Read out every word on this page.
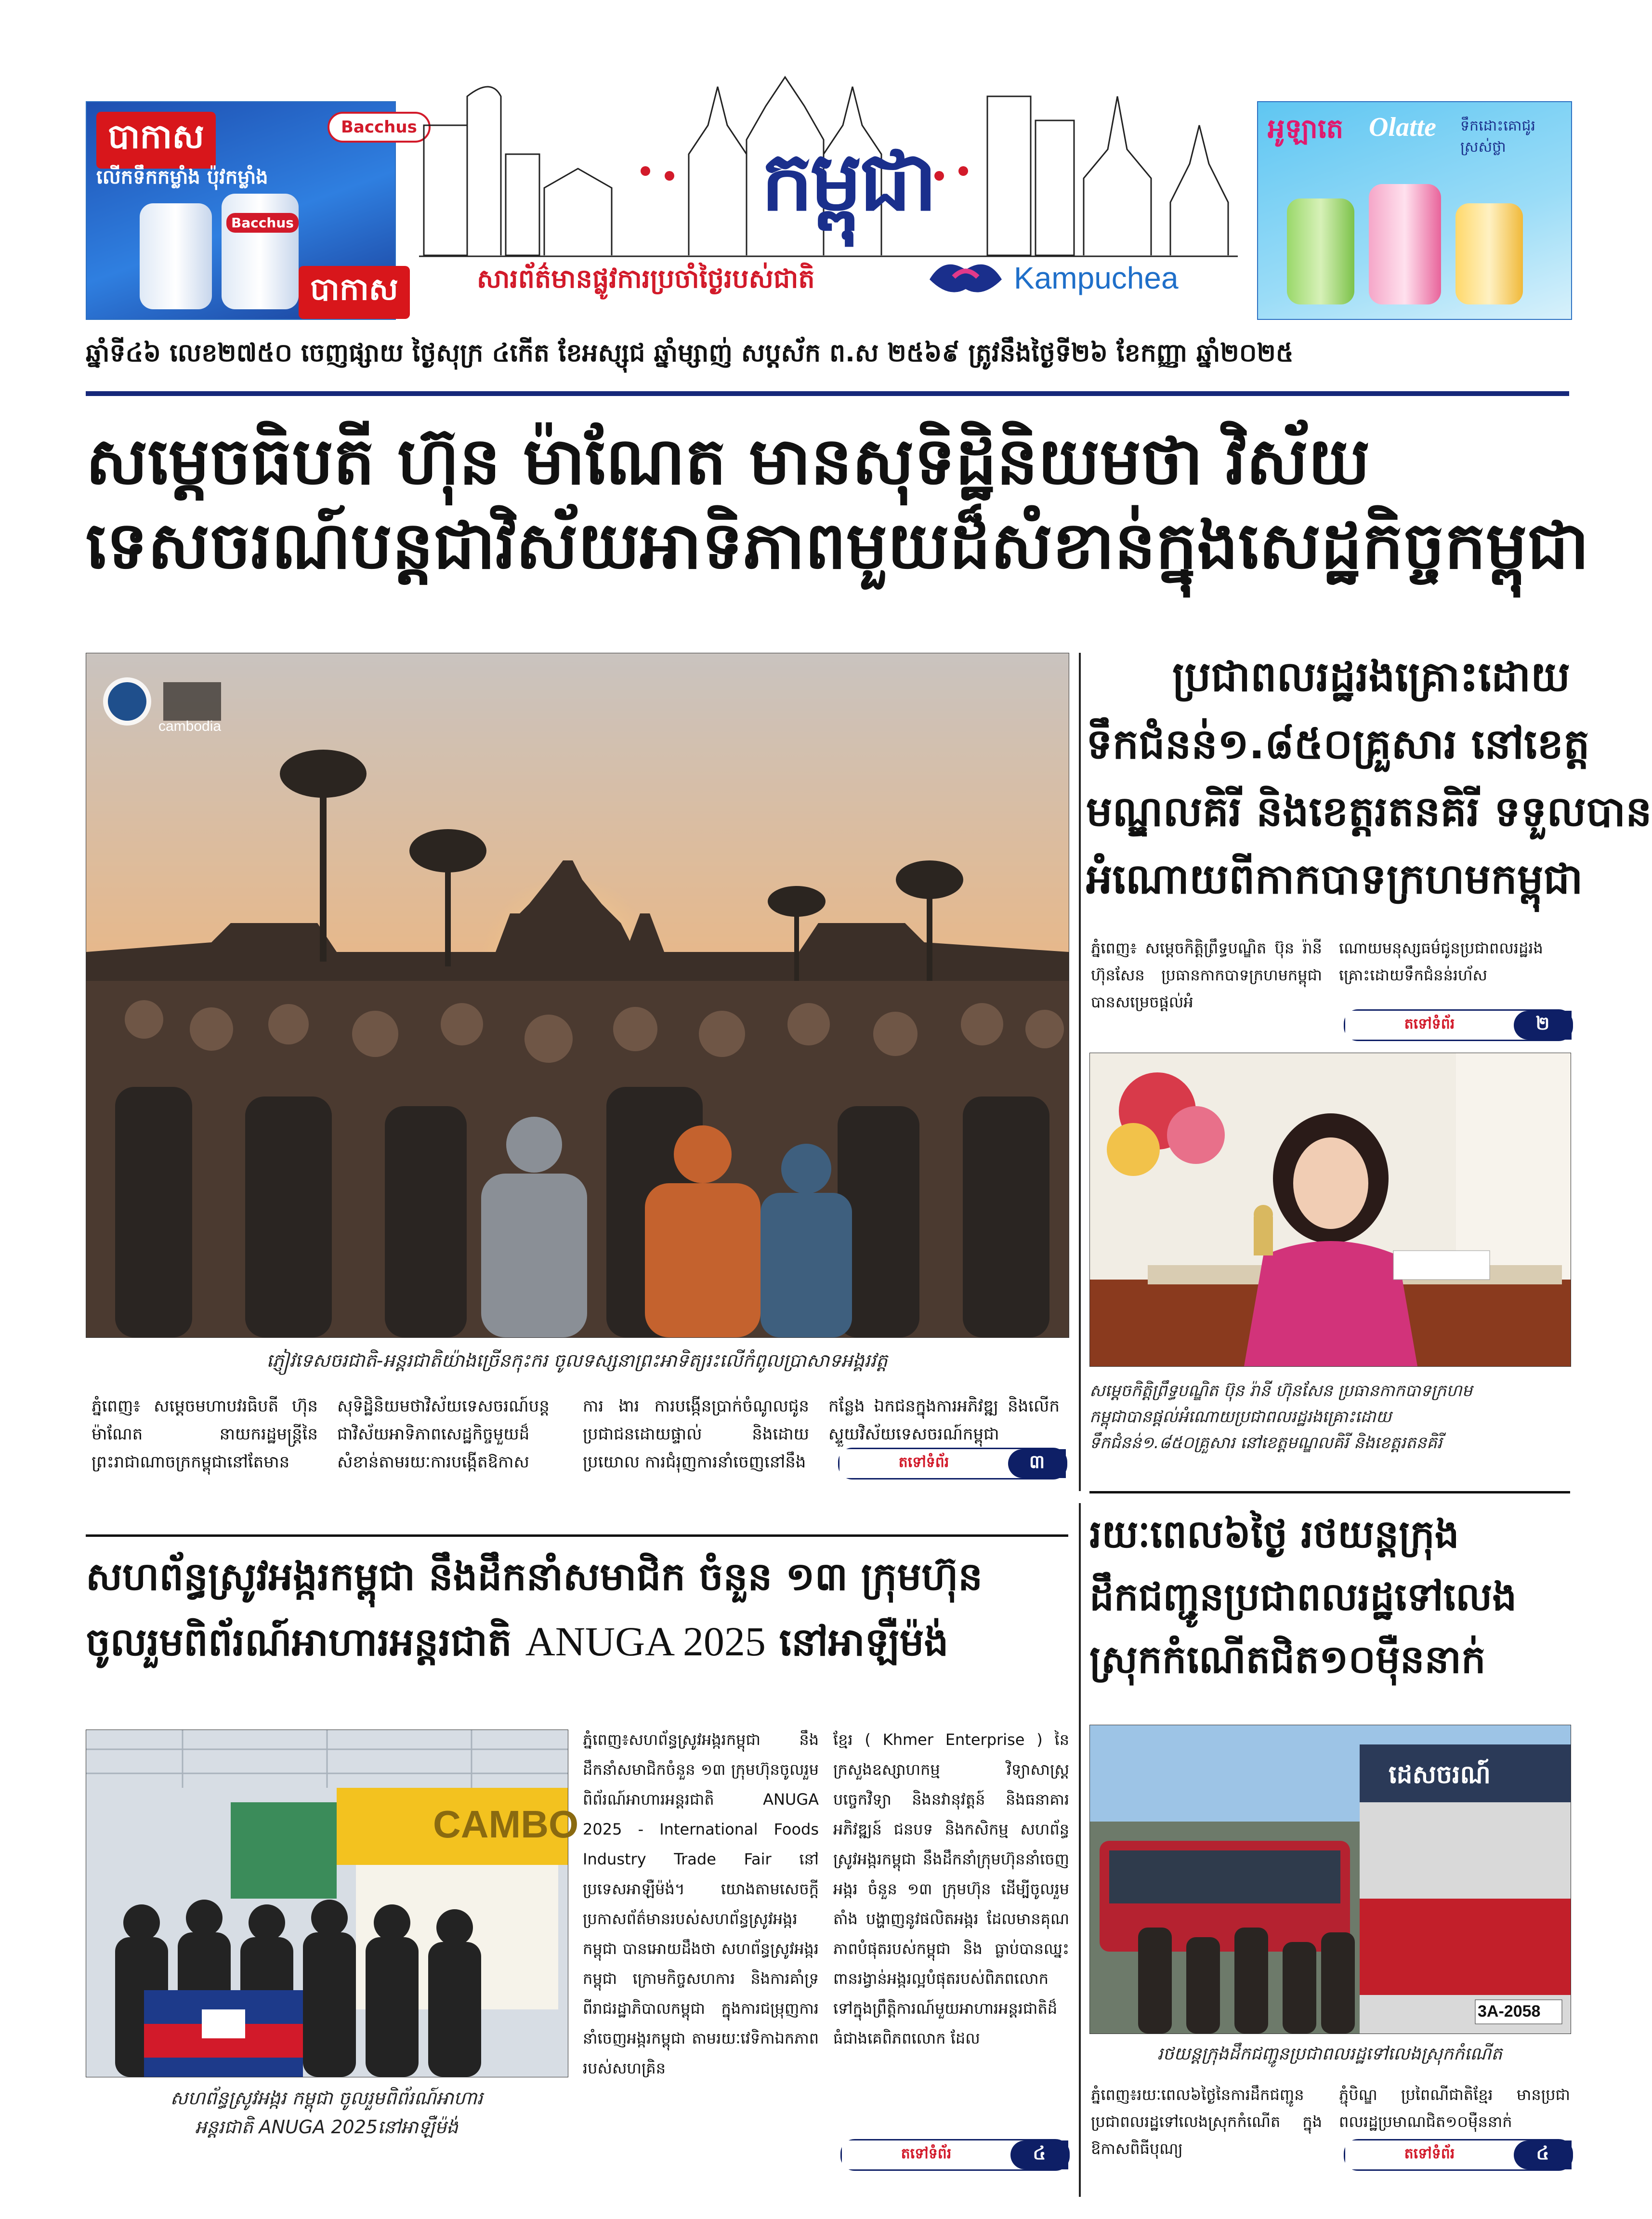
បាកាស
លើកទឹកកម្លាំង ប៉ុវកម្លាំង
Bacchus
Bacchus
បាកាស
កម្ពុជា
សារព័ត៌មានផ្លូវការប្រចាំថ្ងៃរបស់ជាតិ	Kampuchea
អូឡាតេ Olatte ទឹកដោះគោជូរ ស្រស់ថ្លា
ឆ្នាំទី៤៦ លេខ២៧៥០ ចេញផ្សាយ ថ្ងៃសុក្រ ៤កើត ខែអស្សុជ ឆ្នាំម្សាញ់ សប្តស័ក ព.ស ២៥៦៩ ត្រូវនឹងថ្ងៃទី២៦ ខែកញ្ញា ឆ្នាំ២០២៥
សម្តេចធិបតី ហ៊ុន ម៉ាណែត មានសុទិដ្ឋិនិយមថា វិស័យ
ទេសចរណ៍បន្តជាវិស័យអាទិភាពមួយដ៏សំខាន់ក្នុងសេដ្ឋកិច្ចកម្ពុជា
cambodia
ភ្ញៀវទេសចរជាតិ-អន្តរជាតិយ៉ាងច្រើនកុះករ ចូលទស្សនាព្រះអាទិត្យរះលើកំពូលប្រាសាទអង្គរវត្ត
ភ្នំពេញ៖ សម្តេចមហាបវរធិបតី ហ៊ុន ម៉ាណែត នាយករដ្ឋមន្ត្រីនៃព្រះរាជាណាចក្រកម្ពុជានៅតែមាន
សុទិដ្ឋិនិយមថាវិស័យទេសចរណ៍បន្តជាវិស័យអាទិភាពសេដ្ឋកិច្ចមួយដ៏សំខាន់តាមរយៈការបង្កើតឱកាស
ការ ងារ ការបង្កើនប្រាក់ចំណូលជូនប្រជាជនដោយផ្ទាល់ និងដោយប្រយោល ការជំរុញការនាំចេញនៅនឹង
កន្លែង ឯកជនក្នុងការអភិវឌ្ឍ និងលើកស្ទួយវិស័យទេសចរណ៍កម្ពុជា
តទៅទំព័រ	៣
ប្រជាពលរដ្ឋរងគ្រោះដោយ
ទឹកជំនន់១.៨៥០គ្រួសារ នៅខេត្ត
មណ្ឌលគិរី និងខេត្តរតនគិរី ទទួលបាន
អំណោយពីកាកបាទក្រហមកម្ពុជា
ភ្នំពេញ៖ សម្តេចកិត្តិព្រឹទ្ធបណ្ឌិត ប៊ុន រ៉ានី ហ៊ុនសែន ប្រធានកាកបាទក្រហមកម្ពុជា បានសម្រេចផ្តល់អំ
ណោយមនុស្សធម៌ជូនប្រជាពលរដ្ឋរងគ្រោះដោយទឹកជំនន់រហ័ស
តទៅទំព័រ	២
សម្តេចកិត្តិព្រឹទ្ធបណ្ឌិត ប៊ុន រ៉ានី ហ៊ុនសែន ប្រធានកាកបាទក្រហម
កម្ពុជាបានផ្តល់អំណោយប្រជាពលរដ្ឋរងគ្រោះដោយ
ទឹកជំនន់១.៨៥០គ្រួសារ នៅខេត្តមណ្ឌលគិរី និងខេត្តរតនគិរី
សហព័ន្ធស្រូវអង្ករកម្ពុជា នឹងដឹកនាំសមាជិក ចំនួន ១៣ ក្រុមហ៊ុន
ចូលរួមពិព័រណ៍អាហារអន្តរជាតិ ANUGA 2025 នៅអាឡឺម៉ង់
CAMBO
សហព័ន្ធស្រូវអង្ករ កម្ពុជា ចូលរួមពិព័រណ៍អាហារ
អន្តរជាតិ ANUGA 2025នៅអាឡឺម៉ង់
ភ្នំពេញ៖សហព័ន្ធស្រូវអង្ករកម្ពុជា នឹងដឹកនាំសមាជិកចំនួន ១៣ ក្រុមហ៊ុនចូលរួមពិព័រណ៍អាហារអន្តរជាតិ ANUGA 2025 - International Foods Industry Trade Fair នៅប្រទេសអាឡឺម៉ង់។ យោងតាមសេចក្តីប្រកាសព័ត៌មានរបស់សហព័ន្ធស្រូវអង្ករកម្ពុជា បានអោយដឹងថា សហព័ន្ធស្រូវអង្ករកម្ពុជា ក្រោមកិច្ចសហការ និងការគាំទ្រពីរាជរដ្ឋាភិបាលកម្ពុជា ក្នុងការជម្រុញការនាំចេញអង្ករកម្ពុជា តាមរយៈវេទិកាឯកភាពរបស់សហគ្រិន
ខ្មែរ ( Khmer Enterprise ) នៃក្រសួងឧស្សាហកម្ម វិទ្យាសាស្ត្រ បច្ចេកវិទ្យា និងនវានុវត្តន៍ និងធនាគារអភិវឌ្ឍន៍ ជនបទ និងកសិកម្ម សហព័ន្ធស្រូវអង្ករកម្ពុជា នឹងដឹកនាំក្រុមហ៊ុននាំចេញអង្ករ ចំនួន ១៣ ក្រុមហ៊ុន ដើម្បីចូលរួមតាំង បង្ហាញនូវផលិតអង្ករ ដែលមានគុណភាពបំផុតរបស់កម្ពុជា និង ធ្លាប់បានឈ្នះពានរង្វាន់អង្ករល្អបំផុតរបស់ពិភពលោក ទៅក្នុងព្រឹត្តិការណ៍មួយអាហារអន្តរជាតិដ៏ធំជាងគេពិភពលោក ដែល
តទៅទំព័រ	៤
រយៈពេល៦ថ្ងៃ រថយន្តក្រុង
ដឹកជញ្ជូនប្រជាពលរដ្ឋទៅលេង
ស្រុកកំណើតជិត១០ម៉ឺននាក់
ដេសចរណ៍
3A-2058
រថយន្តក្រុងដឹកជញ្ជូនប្រជាពលរដ្ឋទៅលេងស្រុកកំណើត
ភ្នំពេញ៖រយៈពេល៦ថ្ងៃនៃការដឹកជញ្ជូនប្រជាពលរដ្ឋទៅលេងស្រុកកំណើត ក្នុងឱកាសពិធីបុណ្យ
ភ្ជុំបិណ្ឌ ប្រពៃណីជាតិខ្មែរ មានប្រជាពលរដ្ឋប្រមាណជិត១០ម៉ឺននាក់
តទៅទំព័រ	៤
